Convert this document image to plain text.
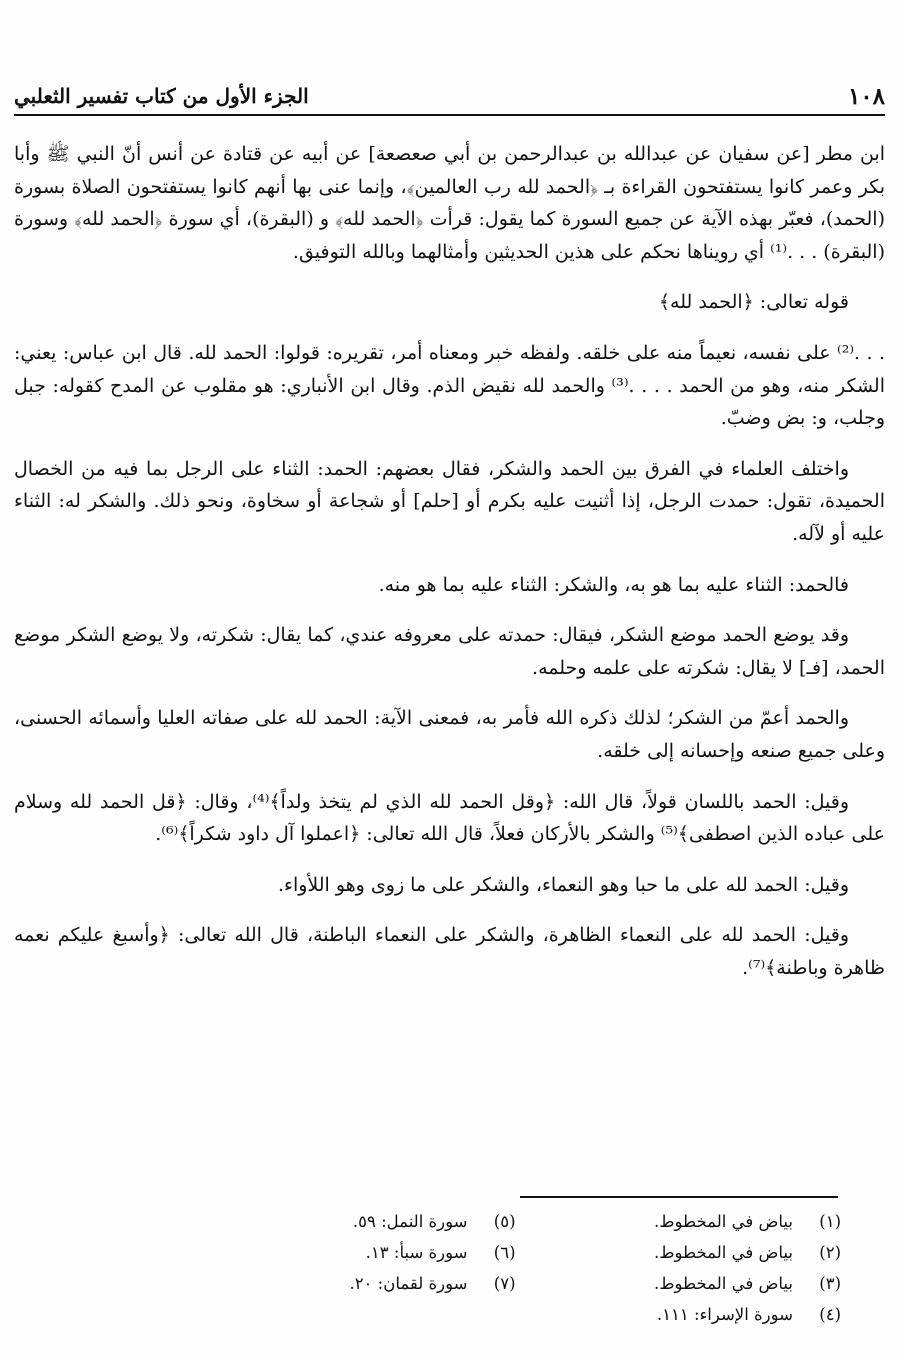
١٠٨
الجزء الأول من كتاب تفسير الثعلبي

ابن مطر [عن سفيان عن عبدالله بن عبدالرحمن بن أبي صعصعة] عن أبيه عن قتادة عن أنس أنّ النبي ﷺ وأبا بكر وعمر كانوا يستفتحون القراءة بـ ﴿الحمد لله رب العالمين﴾، وإنما عنى بها أنهم كانوا يستفتحون الصلاة بسورة (الحمد)، فعبّر بهذه الآية عن جميع السورة كما يقول: قرأت ﴿الحمد لله﴾ و (البقرة)، أي سورة ﴿الحمد لله﴾ وسورة (البقرة) . . .⁽¹⁾ أي رويناها نحكم على هذين الحديثين وأمثالهما وبالله التوفيق.

قوله تعالى: ﴿الحمد لله﴾

. . .⁽²⁾ على نفسه، نعيماً منه على خلقه. ولفظه خبر ومعناه أمر، تقريره: قولوا: الحمد لله. قال ابن عباس: يعني: الشكر منه، وهو من الحمد . . . .⁽³⁾ والحمد لله نقيض الذم. وقال ابن الأنباري: هو مقلوب عن المدح كقوله: جبل وجلب، و: بض وضبّ.

واختلف العلماء في الفرق بين الحمد والشكر، فقال بعضهم: الحمد: الثناء على الرجل بما فيه من الخصال الحميدة، تقول: حمدت الرجل، إذا أثنيت عليه بكرم أو [حلم] أو شجاعة أو سخاوة، ونحو ذلك. والشكر له: الثناء عليه أو لآله.

فالحمد: الثناء عليه بما هو به، والشكر: الثناء عليه بما هو منه.

وقد يوضع الحمد موضع الشكر، فيقال: حمدته على معروفه عندي، كما يقال: شكرته، ولا يوضع الشكر موضع الحمد، [فـ] لا يقال: شكرته على علمه وحلمه.

والحمد أعمّ من الشكر؛ لذلك ذكره الله فأمر به، فمعنى الآية: الحمد لله على صفاته العليا وأسمائه الحسنى، وعلى جميع صنعه وإحسانه إلى خلقه.

وقيل: الحمد باللسان قولاً، قال الله: ﴿وقل الحمد لله الذي لم يتخذ ولداً﴾⁽⁴⁾، وقال: ﴿قل الحمد لله وسلام على عباده الذين اصطفى﴾⁽⁵⁾ والشكر بالأركان فعلاً، قال الله تعالى: ﴿اعملوا آل داود شكراً﴾⁽⁶⁾.

وقيل: الحمد لله على ما حبا وهو النعماء، والشكر على ما زوى وهو اللأواء.

وقيل: الحمد لله على النعماء الظاهرة، والشكر على النعماء الباطنة، قال الله تعالى: ﴿وأسبغ عليكم نعمه ظاهرة وباطنة﴾⁽⁷⁾.

(١)
بياض في المخطوط.
(٢)
بياض في المخطوط.
(٣)
بياض في المخطوط.
(٤)
سورة الإسراء: ١١١.
(٥)
سورة النمل: ٥٩.
(٦)
سورة سبأ: ١٣.
(٧)
سورة لقمان: ٢٠.
